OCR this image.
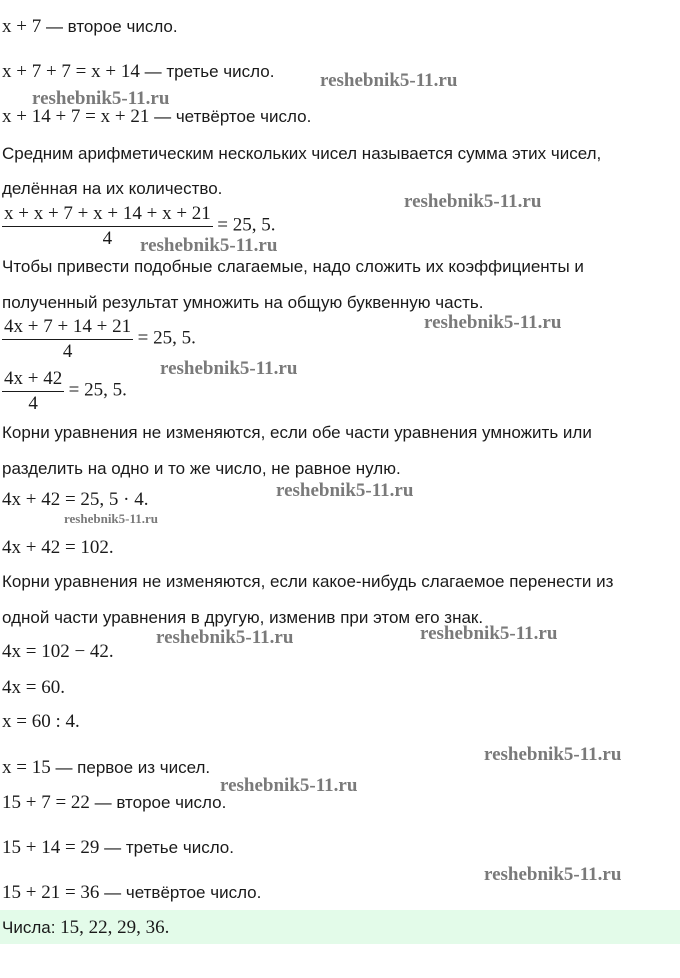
x + 7 — второе число.
x + 7 + 7 = x + 14 — третье число.
x + 14 + 7 = x + 21 — четвёртое число.
Средним арифметическим нескольких чисел называется сумма этих чисел,
делённая на их количество.
$\frac{x + x + 7 + x + 14 + x + 21}{4} = 25$, 5.
Чтобы привести подобные слагаемые, надо сложить их коэффициенты и
полученный результат умножить на общую буквенную часть.
$\frac{4x + 7 + 14 + 21}{4} = 25$, 5.
$\frac{4x + 42}{4} = 25$, 5.
Корни уравнения не изменяются, если обе части уравнения умножить или
разделить на одно и то же число, не равное нулю.
4x + 42 = 25, 5 · 4.
4x + 42 = 102.
Корни уравнения не изменяются, если какое-нибудь слагаемое перенести из
одной части уравнения в другую, изменив при этом его знак.
4x = 102 − 42.
4x = 60.
x = 60 : 4.
x = 15 — первое из чисел.
15 + 7 = 22 — второе число.
15 + 14 = 29 — третье число.
15 + 21 = 36 — четвёртое число.
Числа: 15, 22, 29, 36.
reshebnik5-11.ru
reshebnik5-11.ru
reshebnik5-11.ru
reshebnik5-11.ru
reshebnik5-11.ru
reshebnik5-11.ru
reshebnik5-11.ru
reshebnik5-11.ru
reshebnik5-11.ru	reshebnik5-11.ru
reshebnik5-11.ru
reshebnik5-11.ru
reshebnik5-11.ru
